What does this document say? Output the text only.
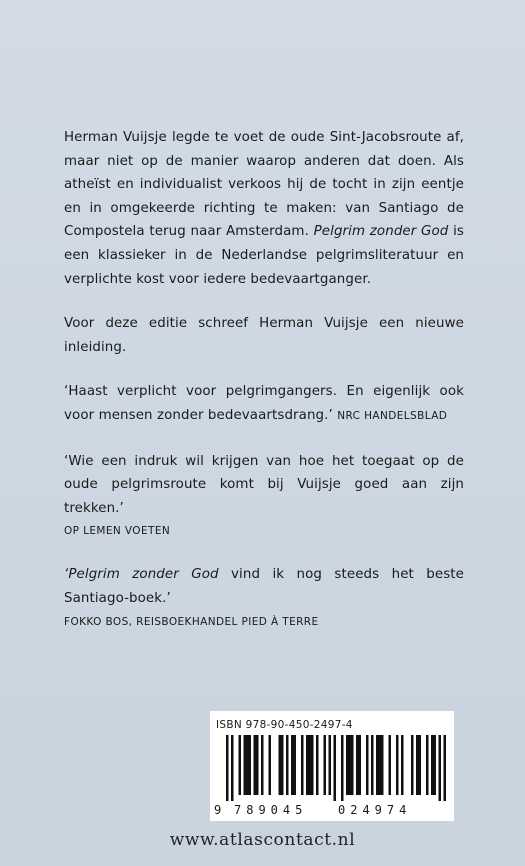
Herman Vuijsje legde te voet de oude Sint-Jacobsroute af, maar niet op de manier waarop anderen dat doen. Als atheïst en individualist verkoos hij de tocht in zijn eentje en in omgekeerde richting te maken: van Santiago de Compostela terug naar Amsterdam. Pelgrim zonder God is een klassieker in de Nederlandse pelgrimsliteratuur en verplichte kost voor iedere bedevaartganger.

Voor deze editie schreef Herman Vuijsje een nieuwe inleiding.

‘Haast verplicht voor pelgrimgangers. En eigenlijk ook voor mensen zonder bedevaartsdrang.’ NRC HANDELSBLAD

‘Wie een indruk wil krijgen van hoe het toegaat op de oude pelgrimsroute komt bij Vuijsje goed aan zijn trekken.’
OP LEMEN VOETEN

‘Pelgrim zonder God vind ik nog steeds het beste Santiago-boek.’
FOKKO BOS, REISBOEKHANDEL PIED À TERRE

ISBN 978-90-450-2497-4
9 789045	024974
www.atlascontact.nl
